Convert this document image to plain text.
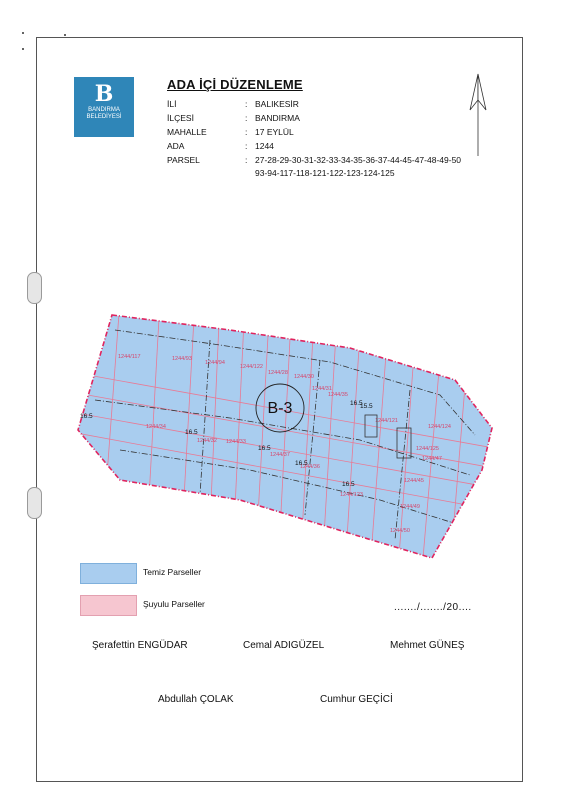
B
BANDIRMA
BELEDİYESİ
ADA İÇİ DÜZENLEME
İLİ	: BALIKESİR
İLÇESİ	: BANDIRMA
MAHALLE	: 17 EYLÜL
ADA	: 1244
PARSEL	: 27-28-29-30-31-32-33-34-35-36-37-44-45-47-48-49-50
93-94-117-118-121-122-123-124-125
B-3
1244/117	1244/93
1244/94
1244/122
1244/28
1244/30
1244/31
1244/35
1244/34
1244/32 1244/33
1244/37
1244/36
1244/121
1244/123
1244/124
1244/125
1244/47
1244/45
1244/49
1244/50
16.5
16.5
16.5
16.5
16.5
16.5
15.5
Temiz Parseller
Şuyulu Parseller	......./......./20....
Şerafettin ENGÜDAR	Cemal ADIGÜZEL	Mehmet GÜNEŞ
Abdullah ÇOLAK	Cumhur GEÇİCİ
